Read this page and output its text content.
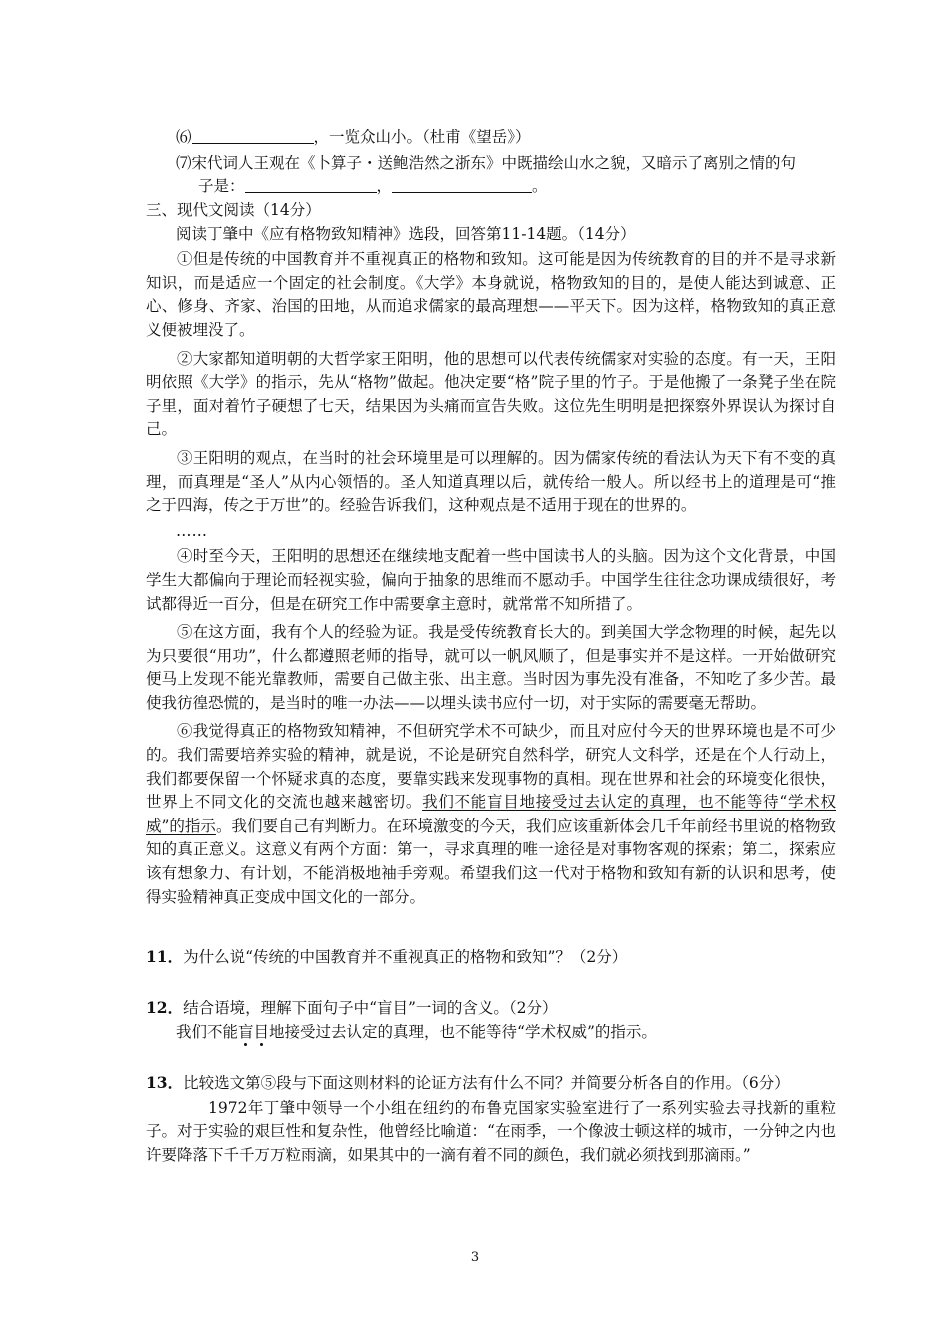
⑹	，一览众山小。（杜甫《望岳》）
⑺宋代词人王观在《卜算子・送鲍浩然之浙东》中既描绘山水之貌，又暗示了离别之情的句
子是：	，	。
三、现代文阅读（14分）
阅读丁肇中《应有格物致知精神》选段，回答第11-14题。（14分）

①但是传统的中国教育并不重视真正的格物和致知。这可能是因为传统教育的目的并不是寻求新知识，而是适应一个固定的社会制度。《大学》本身就说，格物致知的目的，是使人能达到诚意、正心、修身、齐家、治国的田地，从而追求儒家的最高理想——平天下。因为这样，格物致知的真正意义便被埋没了。

②大家都知道明朝的大哲学家王阳明，他的思想可以代表传统儒家对实验的态度。有一天，王阳明依照《大学》的指示，先从“格物”做起。他决定要“格”院子里的竹子。于是他搬了一条凳子坐在院子里，面对着竹子硬想了七天，结果因为头痛而宣告失败。这位先生明明是把探察外界误认为探讨自己。

③王阳明的观点，在当时的社会环境里是可以理解的。因为儒家传统的看法认为天下有不变的真理，而真理是“圣人”从内心领悟的。圣人知道真理以后，就传给一般人。所以经书上的道理是可“推之于四海，传之于万世”的。经验告诉我们，这种观点是不适用于现在的世界的。

……

④时至今天，王阳明的思想还在继续地支配着一些中国读书人的头脑。因为这个文化背景，中国学生大都偏向于理论而轻视实验，偏向于抽象的思维而不愿动手。中国学生往往念功课成绩很好，考试都得近一百分，但是在研究工作中需要拿主意时，就常常不知所措了。

⑤在这方面，我有个人的经验为证。我是受传统教育长大的。到美国大学念物理的时候，起先以为只要很“用功”，什么都遵照老师的指导，就可以一帆风顺了，但是事实并不是这样。一开始做研究便马上发现不能光靠教师，需要自己做主张、出主意。当时因为事先没有准备，不知吃了多少苦。最使我彷徨恐慌的，是当时的唯一办法——以埋头读书应付一切，对于实际的需要毫无帮助。

⑥我觉得真正的格物致知精神，不但研究学术不可缺少，而且对应付今天的世界环境也是不可少的。我们需要培养实验的精神，就是说，不论是研究自然科学，研究人文科学，还是在个人行动上，我们都要保留一个怀疑求真的态度，要靠实践来发现事物的真相。现在世界和社会的环境变化很快，世界上不同文化的交流也越来越密切。我们不能盲目地接受过去认定的真理，也不能等待“学术权威”的指示。我们要自己有判断力。在环境激变的今天，我们应该重新体会几千年前经书里说的格物致知的真正意义。这意义有两个方面：第一，寻求真理的唯一途径是对事物客观的探索；第二，探索应该有想象力、有计划，不能消极地袖手旁观。希望我们这一代对于格物和致知有新的认识和思考，使得实验精神真正变成中国文化的一部分。

11．为什么说“传统的中国教育并不重视真正的格物和致知”？（2分）
12．结合语境，理解下面句子中“盲目”一词的含义。（2分）
我们不能盲目地接受过去认定的真理，也不能等待“学术权威”的指示。
13．比较选文第⑤段与下面这则材料的论证方法有什么不同？并简要分析各自的作用。（6分）

1972年丁肇中领导一个小组在纽约的布鲁克国家实验室进行了一系列实验去寻找新的重粒子。对于实验的艰巨性和复杂性，他曾经比喻道：“在雨季，一个像波士顿这样的城市，一分钟之内也许要降落下千千万万粒雨滴，如果其中的一滴有着不同的颜色，我们就必须找到那滴雨。”

3
